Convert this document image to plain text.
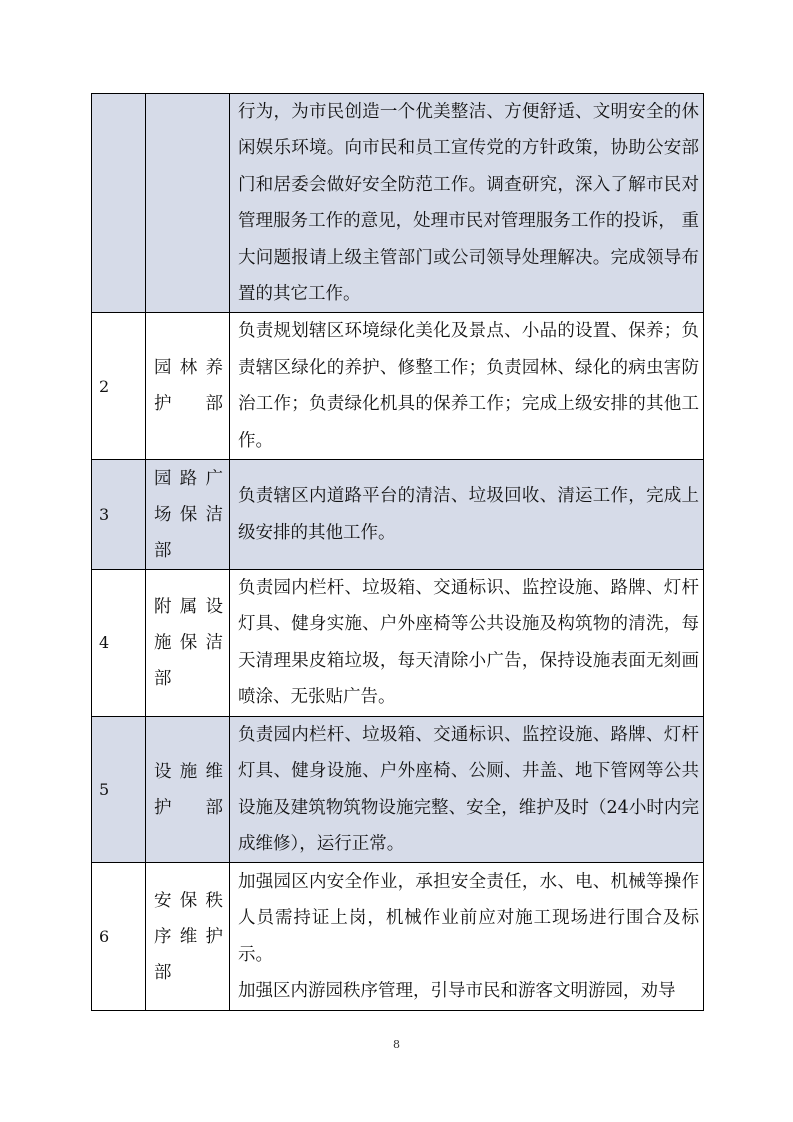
		行为，为市民创造一个优美整洁、方便舒适、文明安全的休闲娱乐环境。向市民和员工宣传党的方针政策，协助公安部门和居委会做好安全防范工作。调查研究，深入了解市民对管理服务工作的意见，处理市民对管理服务工作的投诉， 重大问题报请上级主管部门或公司领导处理解决。完成领导布置的其它工作。

2	园林养护部	负责规划辖区环境绿化美化及景点、小品的设置、保养；负责辖区绿化的养护、修整工作；负责园林、绿化的病虫害防治工作；负责绿化机具的保养工作；完成上级安排的其他工作。

3	园路广场保洁部	负责辖区内道路平台的清洁、垃圾回收、清运工作，完成上级安排的其他工作。

4	附属设施保洁部	负责园内栏杆、垃圾箱、交通标识、监控设施、路牌、灯杆灯具、健身实施、户外座椅等公共设施及构筑物的清洗，每天清理果皮箱垃圾，每天清除小广告，保持设施表面无刻画喷涂、无张贴广告。

5	设施维护部	负责园内栏杆、垃圾箱、交通标识、监控设施、路牌、灯杆灯具、健身设施、户外座椅、公厕、井盖、地下管网等公共设施及建筑物筑物设施完整、安全，维护及时（24小时内完成维修），运行正常。

6	安保秩序维护部	加强园区内安全作业，承担安全责任，水、电、机械等操作人员需持证上岗，机械作业前应对施工现场进行围合及标示。

加强区内游园秩序管理，引导市民和游客文明游园，劝导

8
